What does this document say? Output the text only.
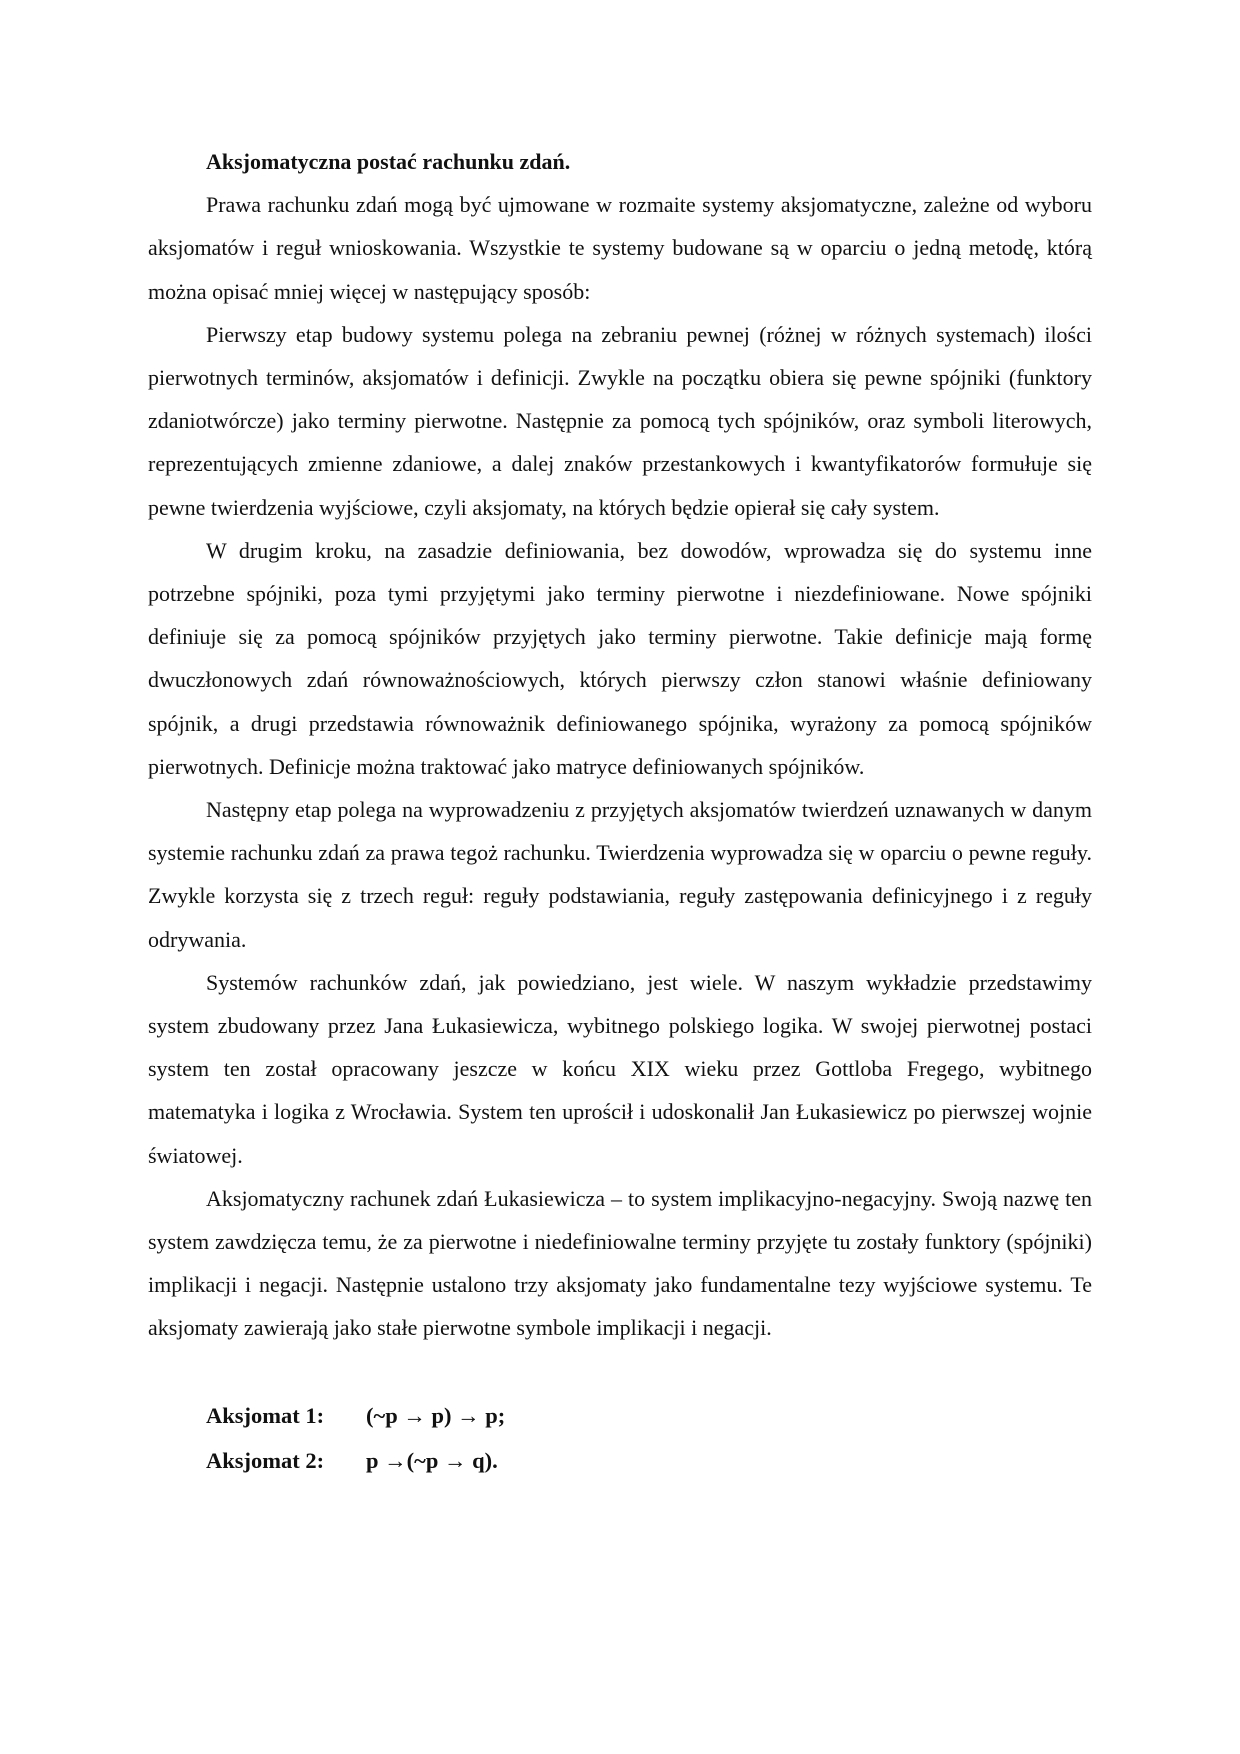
Aksjomatyczna postać rachunku zdań.

Prawa rachunku zdań mogą być ujmowane w rozmaite systemy aksjomatyczne, zależne od wyboru aksjomatów i reguł wnioskowania. Wszystkie te systemy budowane są w oparciu o jedną metodę, którą można opisać mniej więcej w następujący sposób:

Pierwszy etap budowy systemu polega na zebraniu pewnej (różnej w różnych systemach) ilości pierwotnych terminów, aksjomatów i definicji. Zwykle na początku obiera się pewne spójniki (funktory zdaniotwórcze) jako terminy pierwotne. Następnie za pomocą tych spójników, oraz symboli literowych, reprezentujących zmienne zdaniowe, a dalej znaków przestankowych i kwantyfikatorów formułuje się pewne twierdzenia wyjściowe, czyli aksjomaty, na których będzie opierał się cały system.

W drugim kroku, na zasadzie definiowania, bez dowodów, wprowadza się do systemu inne potrzebne spójniki, poza tymi przyjętymi jako terminy pierwotne i niezdefiniowane. Nowe spójniki definiuje się za pomocą spójników przyjętych jako terminy pierwotne. Takie definicje mają formę dwuczłonowych zdań równoważnościowych, których pierwszy człon stanowi właśnie definiowany spójnik, a drugi przedstawia równoważnik definiowanego spójnika, wyrażony za pomocą spójników pierwotnych. Definicje można traktować jako matryce definiowanych spójników.

Następny etap polega na wyprowadzeniu z przyjętych aksjomatów twierdzeń uznawanych w danym systemie rachunku zdań za prawa tegoż rachunku. Twierdzenia wyprowadza się w oparciu o pewne reguły. Zwykle korzysta się z trzech reguł: reguły podstawiania, reguły zastępowania definicyjnego i z reguły odrywania.

Systemów rachunków zdań, jak powiedziano, jest wiele. W naszym wykładzie przedstawimy system zbudowany przez Jana Łukasiewicza, wybitnego polskiego logika. W swojej pierwotnej postaci system ten został opracowany jeszcze w końcu XIX wieku przez Gottloba Fregego, wybitnego matematyka i logika z Wrocławia. System ten uprościł i udoskonalił Jan Łukasiewicz po pierwszej wojnie światowej.

Aksjomatyczny rachunek zdań Łukasiewicza – to system implikacyjno-negacyjny. Swoją nazwę ten system zawdzięcza temu, że za pierwotne i niedefiniowalne terminy przyjęte tu zostały funktory (spójniki) implikacji i negacji. Następnie ustalono trzy aksjomaty jako fundamentalne tezy wyjściowe systemu. Te aksjomaty zawierają jako stałe pierwotne symbole implikacji i negacji.

Aksjomat 1: (~p → p) → p;

Aksjomat 2: p →(~p → q).
